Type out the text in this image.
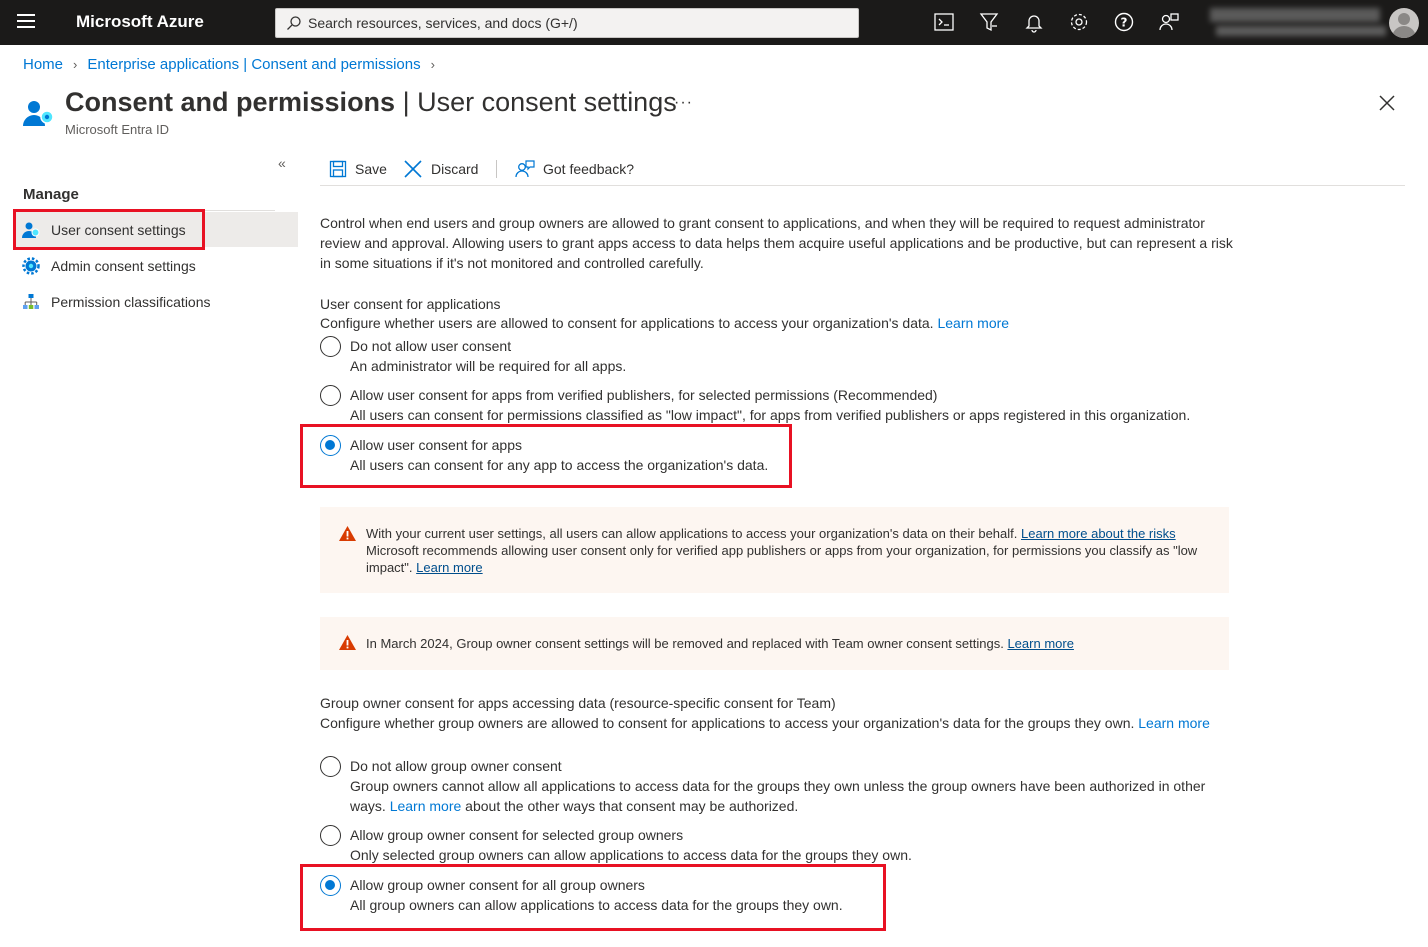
Microsoft Azure
Search resources, services, and docs (G+/)	?
Home › Enterprise applications | Consent and permissions ›
Consent and permissions | User consent settings
···
Microsoft Entra ID
«
Manage
User consent settings
Admin consent settings
Permission classifications
Save	Discard	Got feedback?
Control when end users and group owners are allowed to grant consent to applications, and when they will be required to request administrator review and approval. Allowing users to grant apps access to data helps them acquire useful applications and be productive, but can represent a risk in some situations if it's not monitored and controlled carefully.
User consent for applications
Configure whether users are allowed to consent for applications to access your organization's data. Learn more
Do not allow user consent
An administrator will be required for all apps.
Allow user consent for apps from verified publishers, for selected permissions (Recommended)
All users can consent for permissions classified as "low impact", for apps from verified publishers or apps registered in this organization.
Allow user consent for apps
All users can consent for any app to access the organization's data.
With your current user settings, all users can allow applications to access your organization's data on their behalf. Learn more about the risks
Microsoft recommends allowing user consent only for verified app publishers or apps from your organization, for permissions you classify as "low impact". Learn more
In March 2024, Group owner consent settings will be removed and replaced with Team owner consent settings. Learn more
Group owner consent for apps accessing data (resource-specific consent for Team)
Configure whether group owners are allowed to consent for applications to access your organization's data for the groups they own. Learn more
Do not allow group owner consent
Group owners cannot allow all applications to access data for the groups they own unless the group owners have been authorized in other ways. Learn more about the other ways that consent may be authorized.
Allow group owner consent for selected group owners
Only selected group owners can allow applications to access data for the groups they own.
Allow group owner consent for all group owners
All group owners can allow applications to access data for the groups they own.
